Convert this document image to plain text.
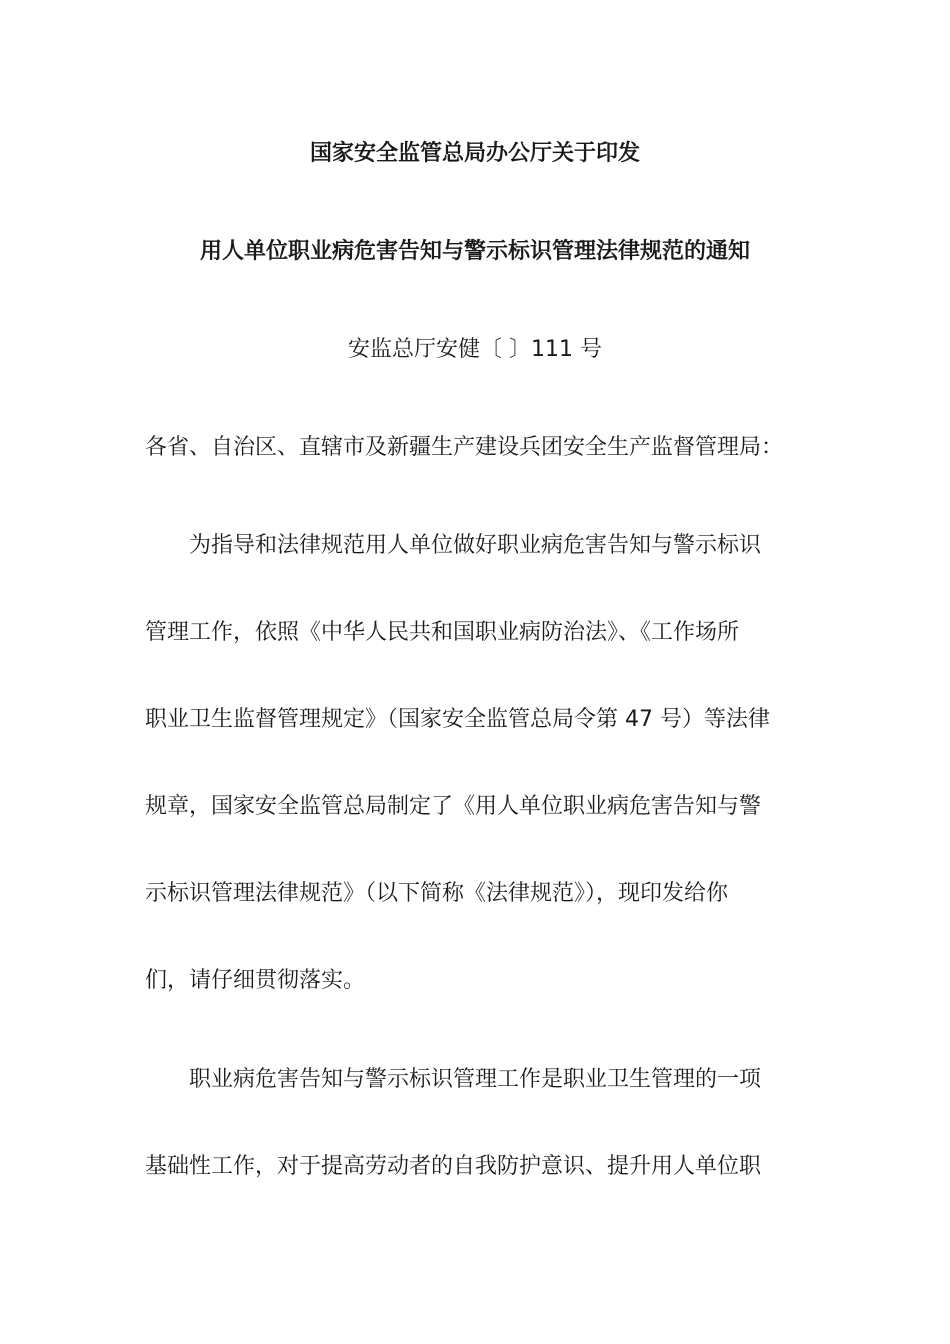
国家安全监管总局办公厅关于印发
用人单位职业病危害告知与警示标识管理法律规范的通知
安监总厅安健〔 〕111 号
各省、自治区、直辖市及新疆生产建设兵团安全生产监督管理局：
为指导和法律规范用人单位做好职业病危害告知与警示标识
管理工作，依照《中华人民共和国职业病防治法》、《工作场所
职业卫生监督管理规定》（国家安全监管总局令第 47 号）等法律
规章，国家安全监管总局制定了《用人单位职业病危害告知与警
示标识管理法律规范》（以下简称《法律规范》），现印发给你
们，请仔细贯彻落实。
职业病危害告知与警示标识管理工作是职业卫生管理的一项
基础性工作，对于提高劳动者的自我防护意识、提升用人单位职
